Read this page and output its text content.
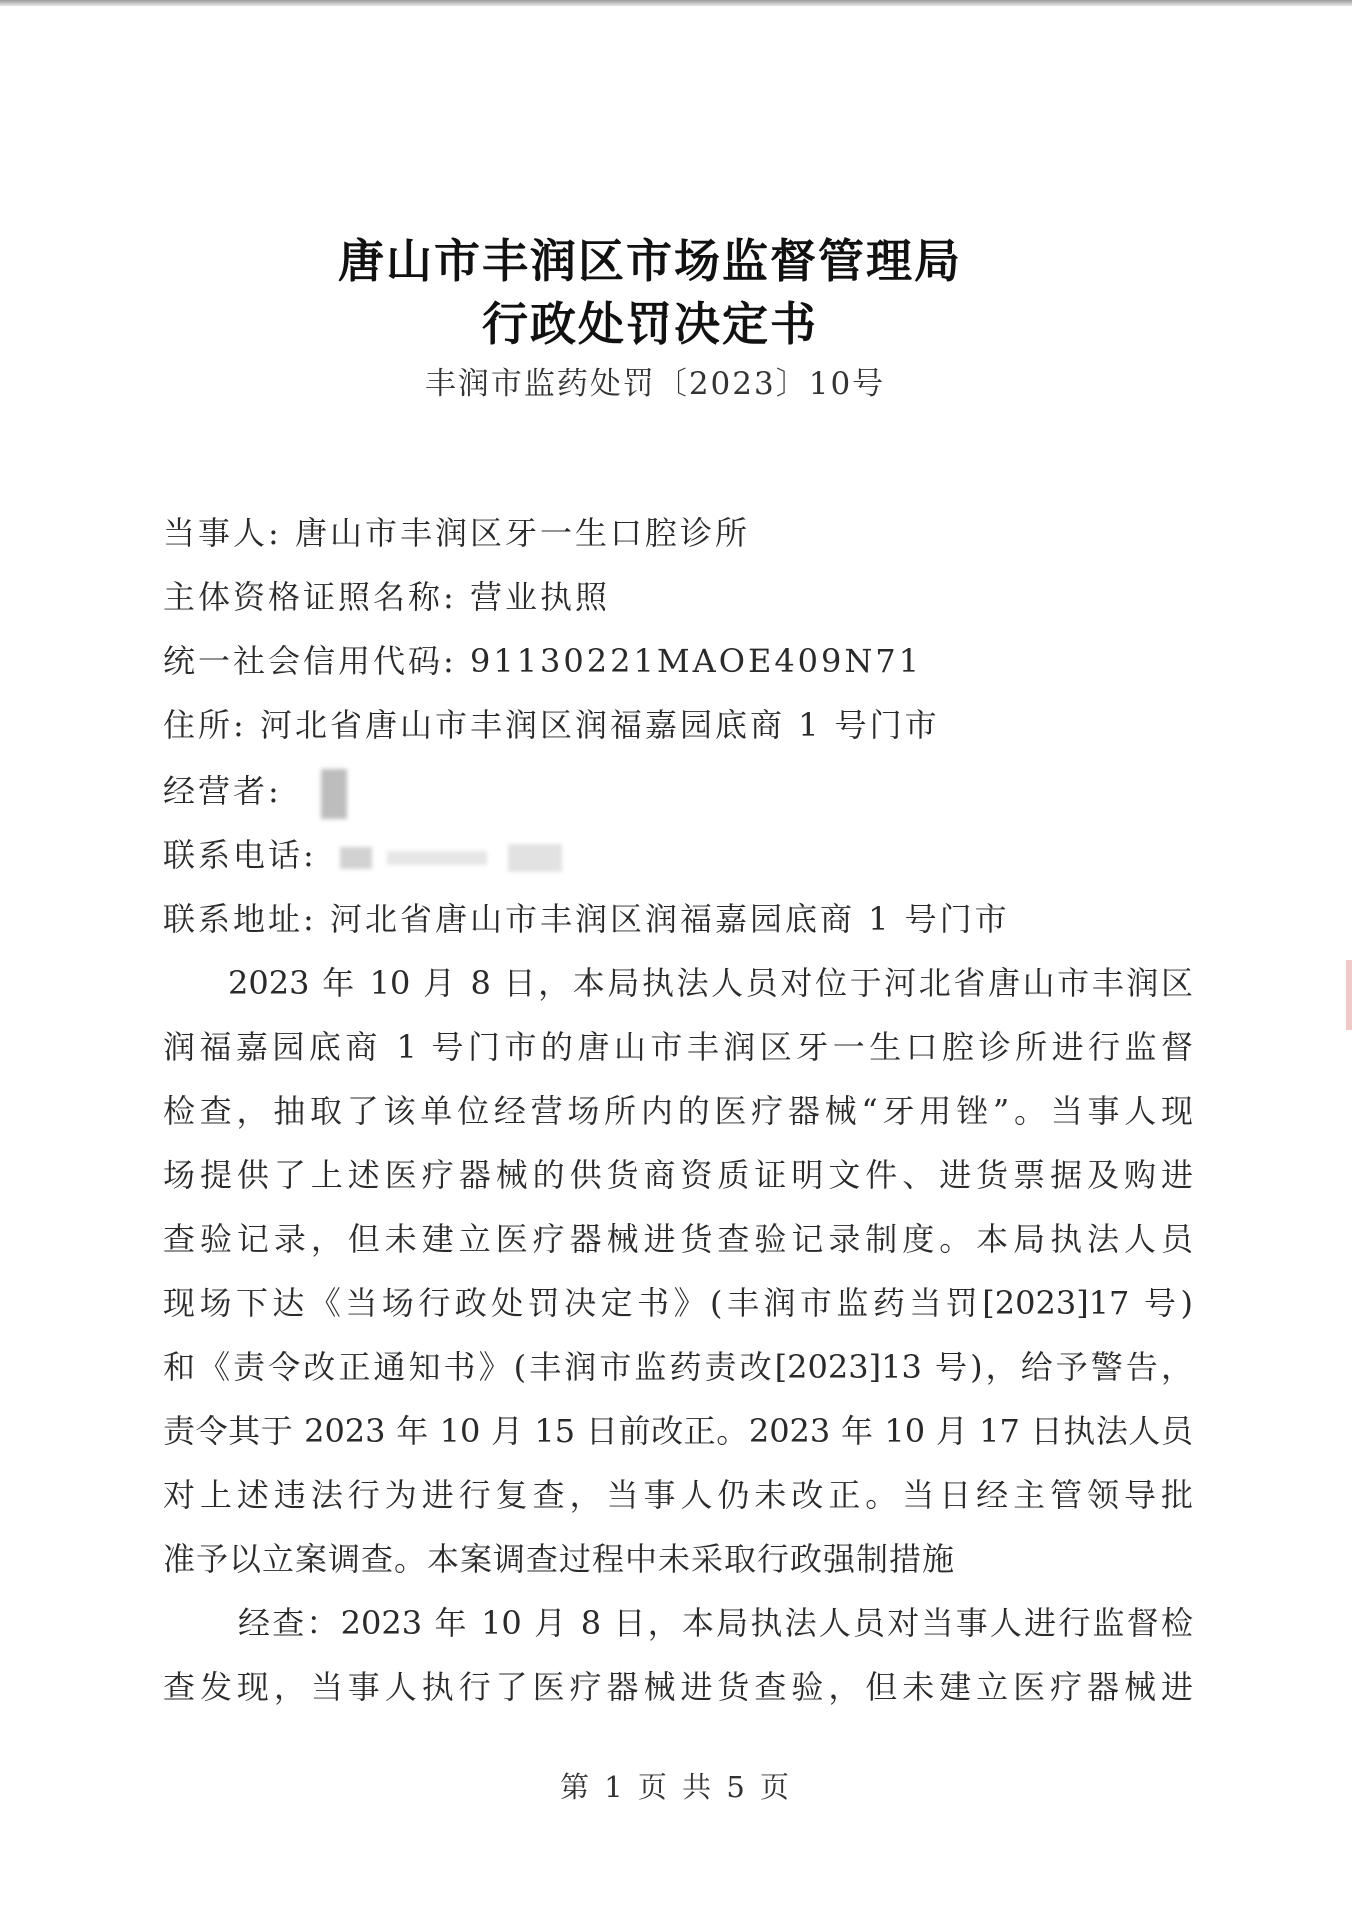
唐山市丰润区市场监督管理局
行政处罚决定书
丰润市监药处罚〔2023〕10号
当事人: 唐山市丰润区牙一生口腔诊所
主体资格证照名称: 营业执照
统一社会信用代码: 91130221MAOE409N71
住所: 河北省唐山市丰润区润福嘉园底商 1 号门市
经营者:
联系电话:
联系地址: 河北省唐山市丰润区润福嘉园底商 1 号门市
2023 年 10 月 8 日，本局执法人员对位于河北省唐山市丰润区
润福嘉园底商 1 号门市的唐山市丰润区牙一生口腔诊所进行监督
检查，抽取了该单位经营场所内的医疗器械“牙用锉”。当事人现
场提供了上述医疗器械的供货商资质证明文件、进货票据及购进
查验记录，但未建立医疗器械进货查验记录制度。本局执法人员
现场下达《当场行政处罚决定书》(丰润市监药当罚[2023]17 号)
和《责令改正通知书》(丰润市监药责改[2023]13 号)，给予警告，
责令其于 2023 年 10 月 15 日前改正。2023 年 10 月 17 日执法人员
对上述违法行为进行复查，当事人仍未改正。当日经主管领导批
准予以立案调查。本案调查过程中未采取行政强制措施
经查：2023 年 10 月 8 日，本局执法人员对当事人进行监督检
查发现，当事人执行了医疗器械进货查验，但未建立医疗器械进
第 1 页 共 5 页
